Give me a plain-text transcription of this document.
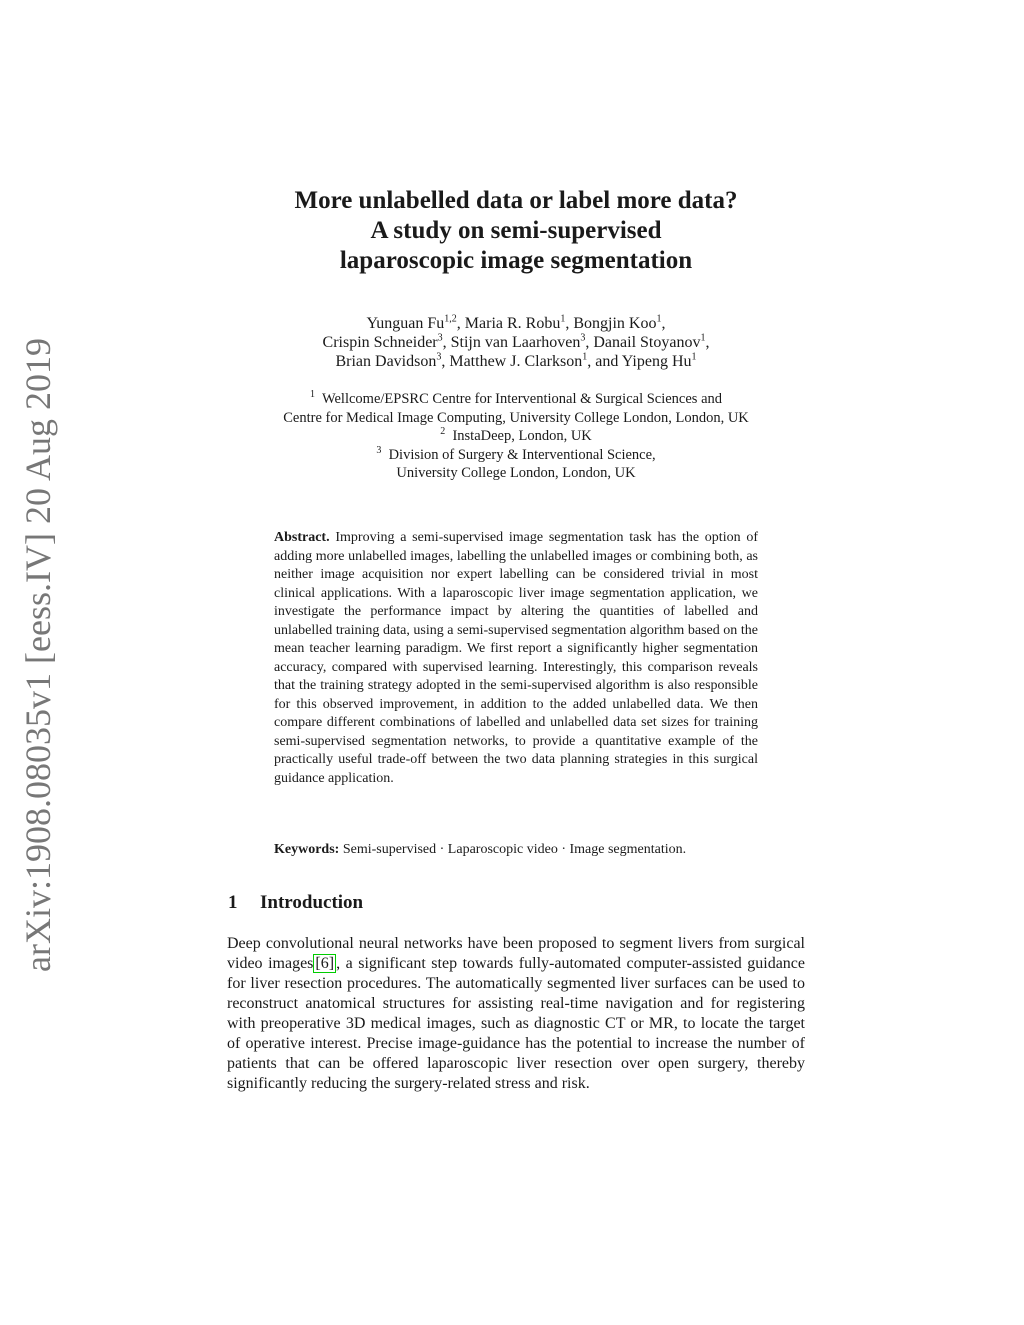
arXiv:1908.08035v1 [eess.IV] 20 Aug 2019
More unlabelled data or label more data?
A study on semi-supervised
laparoscopic image segmentation
Yunguan Fu$^{1,2}$, Maria R. Robu$^1$, Bongjin Koo$^1$,
Crispin Schneider$^3$, Stijn van Laarhoven$^3$, Danail Stoyanov$^1$,
Brian Davidson$^3$, Matthew J. Clarkson$^1$, and Yipeng Hu$^1$
$^1$ Wellcome/EPSRC Centre for Interventional & Surgical Sciences and
Centre for Medical Image Computing, University College London, London, UK
$^2$ InstaDeep, London, UK
$^3$ Division of Surgery & Interventional Science,
University College London, London, UK
Abstract. Improving a semi-supervised image segmentation task has the option of adding more unlabelled images, labelling the unlabelled images or combining both, as neither image acquisition nor expert labelling can be considered trivial in most clinical applications. With a laparoscopic liver image segmentation application, we investigate the performance impact by altering the quantities of labelled and unlabelled training data, using a semi-supervised segmentation algorithm based on the mean teacher learning paradigm. We first report a significantly higher segmentation accuracy, compared with supervised learning. Interestingly, this comparison reveals that the training strategy adopted in the semi-supervised algorithm is also responsible for this observed improvement, in addition to the added unlabelled data. We then compare different combinations of labelled and unlabelled data set sizes for training semi-supervised segmentation networks, to provide a quantitative example of the practically useful trade-off between the two data planning strategies in this surgical guidance application.
Keywords: Semi-supervised · Laparoscopic video · Image segmentation.
1 Introduction
Deep convolutional neural networks have been proposed to segment livers from surgical video images [6] , a significant step towards fully-automated computer-assisted guidance for liver resection procedures. The automatically segmented liver surfaces can be used to reconstruct anatomical structures for assisting real-time navigation and for registering with preoperative 3D medical images, such as diagnostic CT or MR, to locate the target of operative interest. Precise image-guidance has the potential to increase the number of patients that can be offered laparoscopic liver resection over open surgery, thereby significantly reducing the surgery-related stress and risk.
